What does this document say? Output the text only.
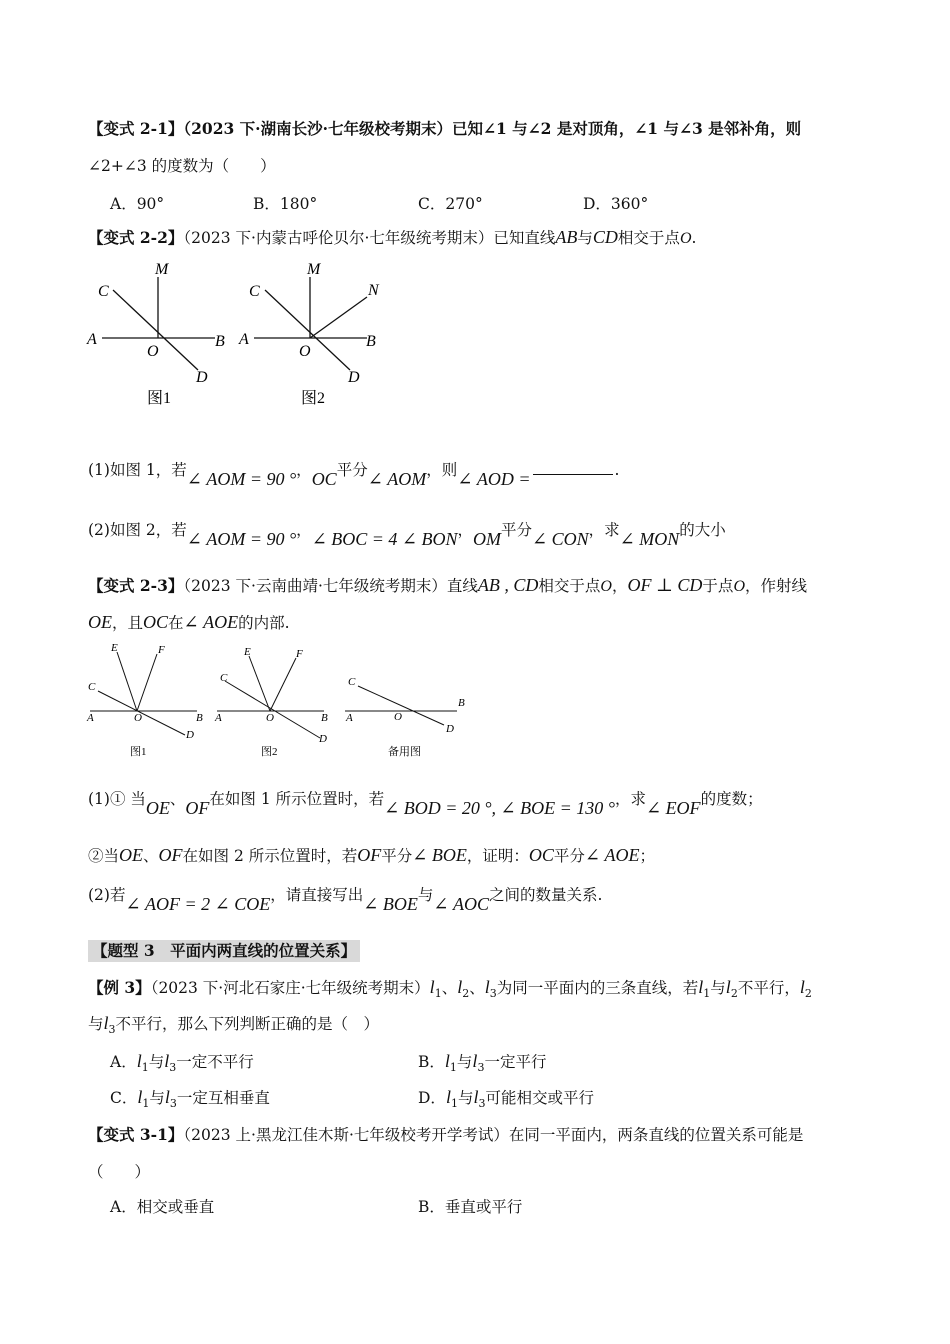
【变式 2-1】（2023 下·湖南长沙·七年级校考期末）已知∠1 与∠2 是对顶角，∠1 与∠3 是邻补角，则
∠2+∠3 的度数为（　　）
A．90°	B．180°	C．270°	D．360°
【变式 2-2】（2023 下·内蒙古呼伦贝尔·七年级统考期末）已知直线AB与CD相交于点O.
M
C
A
O
B
D
图1
M
N
C
A
O
B
D
图2
(1)如图 1，若∠ AOM = 90 °，OC平分∠ AOM，则∠ AOD =	.
(2)如图 2，若∠ AOM = 90 °，∠ BOC = 4 ∠ BON，OM平分∠ CON，求∠ MON的大小
【变式 2-3】（2023 下·云南曲靖·七年级统考期末）直线AB , CD相交于点O，OF ⊥ CD于点O，作射线
OE，且OC在∠ AOE的内部.
E	F
C
A	O	B
D
图1
E	F
C
A	O	B
D
图2
C
A	O
B
D
备用图
(1)① 当OE、OF在如图 1 所示位置时，若∠ BOD = 20 °, ∠ BOE = 130 °，求∠ EOF的度数；
②当OE、OF在如图 2 所示位置时，若OF平分∠ BOE，证明：OC平分∠ AOE；
(2)若∠ AOF = 2 ∠ COE，请直接写出∠ BOE与∠ AOC之间的数量关系.
【题型 3　平面内两直线的位置关系】
【例 3】（2023 下·河北石家庄·七年级统考期末）$l_1$、$l_2$、$l_3$为同一平面内的三条直线，若$l_1$与$l_2$不平行，$l_2$
与$l_3$不平行，那么下列判断正确的是（　）
A．$l_1$与$l_3$一定不平行	B．$l_1$与$l_3$一定平行
C．$l_1$与$l_3$一定互相垂直	D．$l_1$与$l_3$可能相交或平行
【变式 3-1】（2023 上·黑龙江佳木斯·七年级校考开学考试）在同一平面内，两条直线的位置关系可能是
（　　）
A．相交或垂直	B．垂直或平行
